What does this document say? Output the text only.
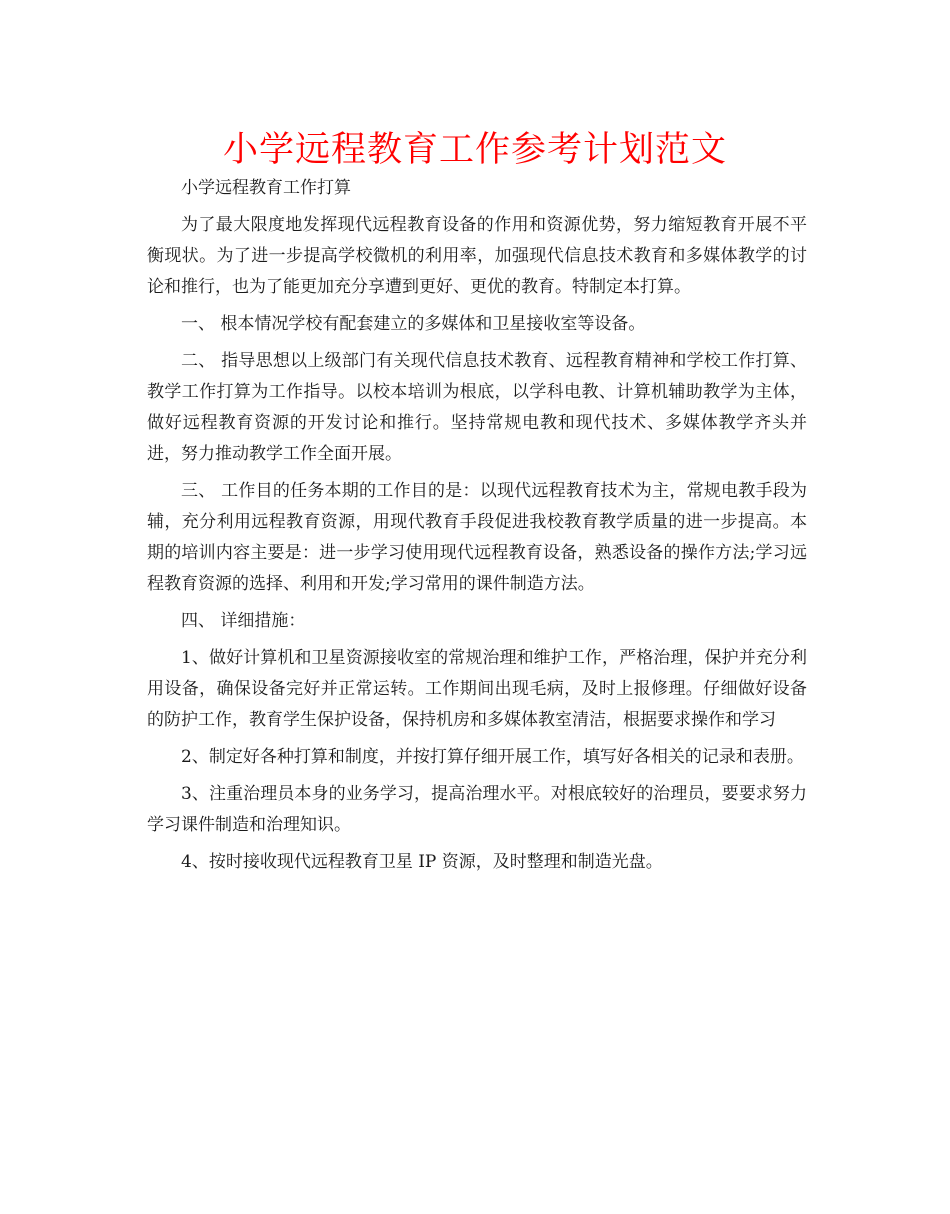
小学远程教育工作参考计划范文

小学远程教育工作打算

为了最大限度地发挥现代远程教育设备的作用和资源优势，努力缩短教育开展不平衡现状。为了进一步提高学校微机的利用率，加强现代信息技术教育和多媒体教学的讨论和推行，也为了能更加充分享遭到更好、更优的教育。特制定本打算。

一、 根本情况学校有配套建立的多媒体和卫星接收室等设备。

二、 指导思想以上级部门有关现代信息技术教育、远程教育精神和学校工作打算、教学工作打算为工作指导。以校本培训为根底，以学科电教、计算机辅助教学为主体，做好远程教育资源的开发讨论和推行。坚持常规电教和现代技术、多媒体教学齐头并进，努力推动教学工作全面开展。

三、 工作目的任务本期的工作目的是：以现代远程教育技术为主，常规电教手段为辅，充分利用远程教育资源，用现代教育手段促进我校教育教学质量的进一步提高。本期的培训内容主要是：进一步学习使用现代远程教育设备，熟悉设备的操作方法;学习远程教育资源的选择、利用和开发;学习常用的课件制造方法。

四、 详细措施：

1、做好计算机和卫星资源接收室的常规治理和维护工作，严格治理，保护并充分利用设备，确保设备完好并正常运转。工作期间出现毛病，及时上报修理。仔细做好设备的防护工作，教育学生保护设备，保持机房和多媒体教室清洁，根据要求操作和学习

2、制定好各种打算和制度，并按打算仔细开展工作，填写好各相关的记录和表册。

3、注重治理员本身的业务学习，提高治理水平。对根底较好的治理员，要要求努力学习课件制造和治理知识。

4、按时接收现代远程教育卫星 IP 资源，及时整理和制造光盘。
